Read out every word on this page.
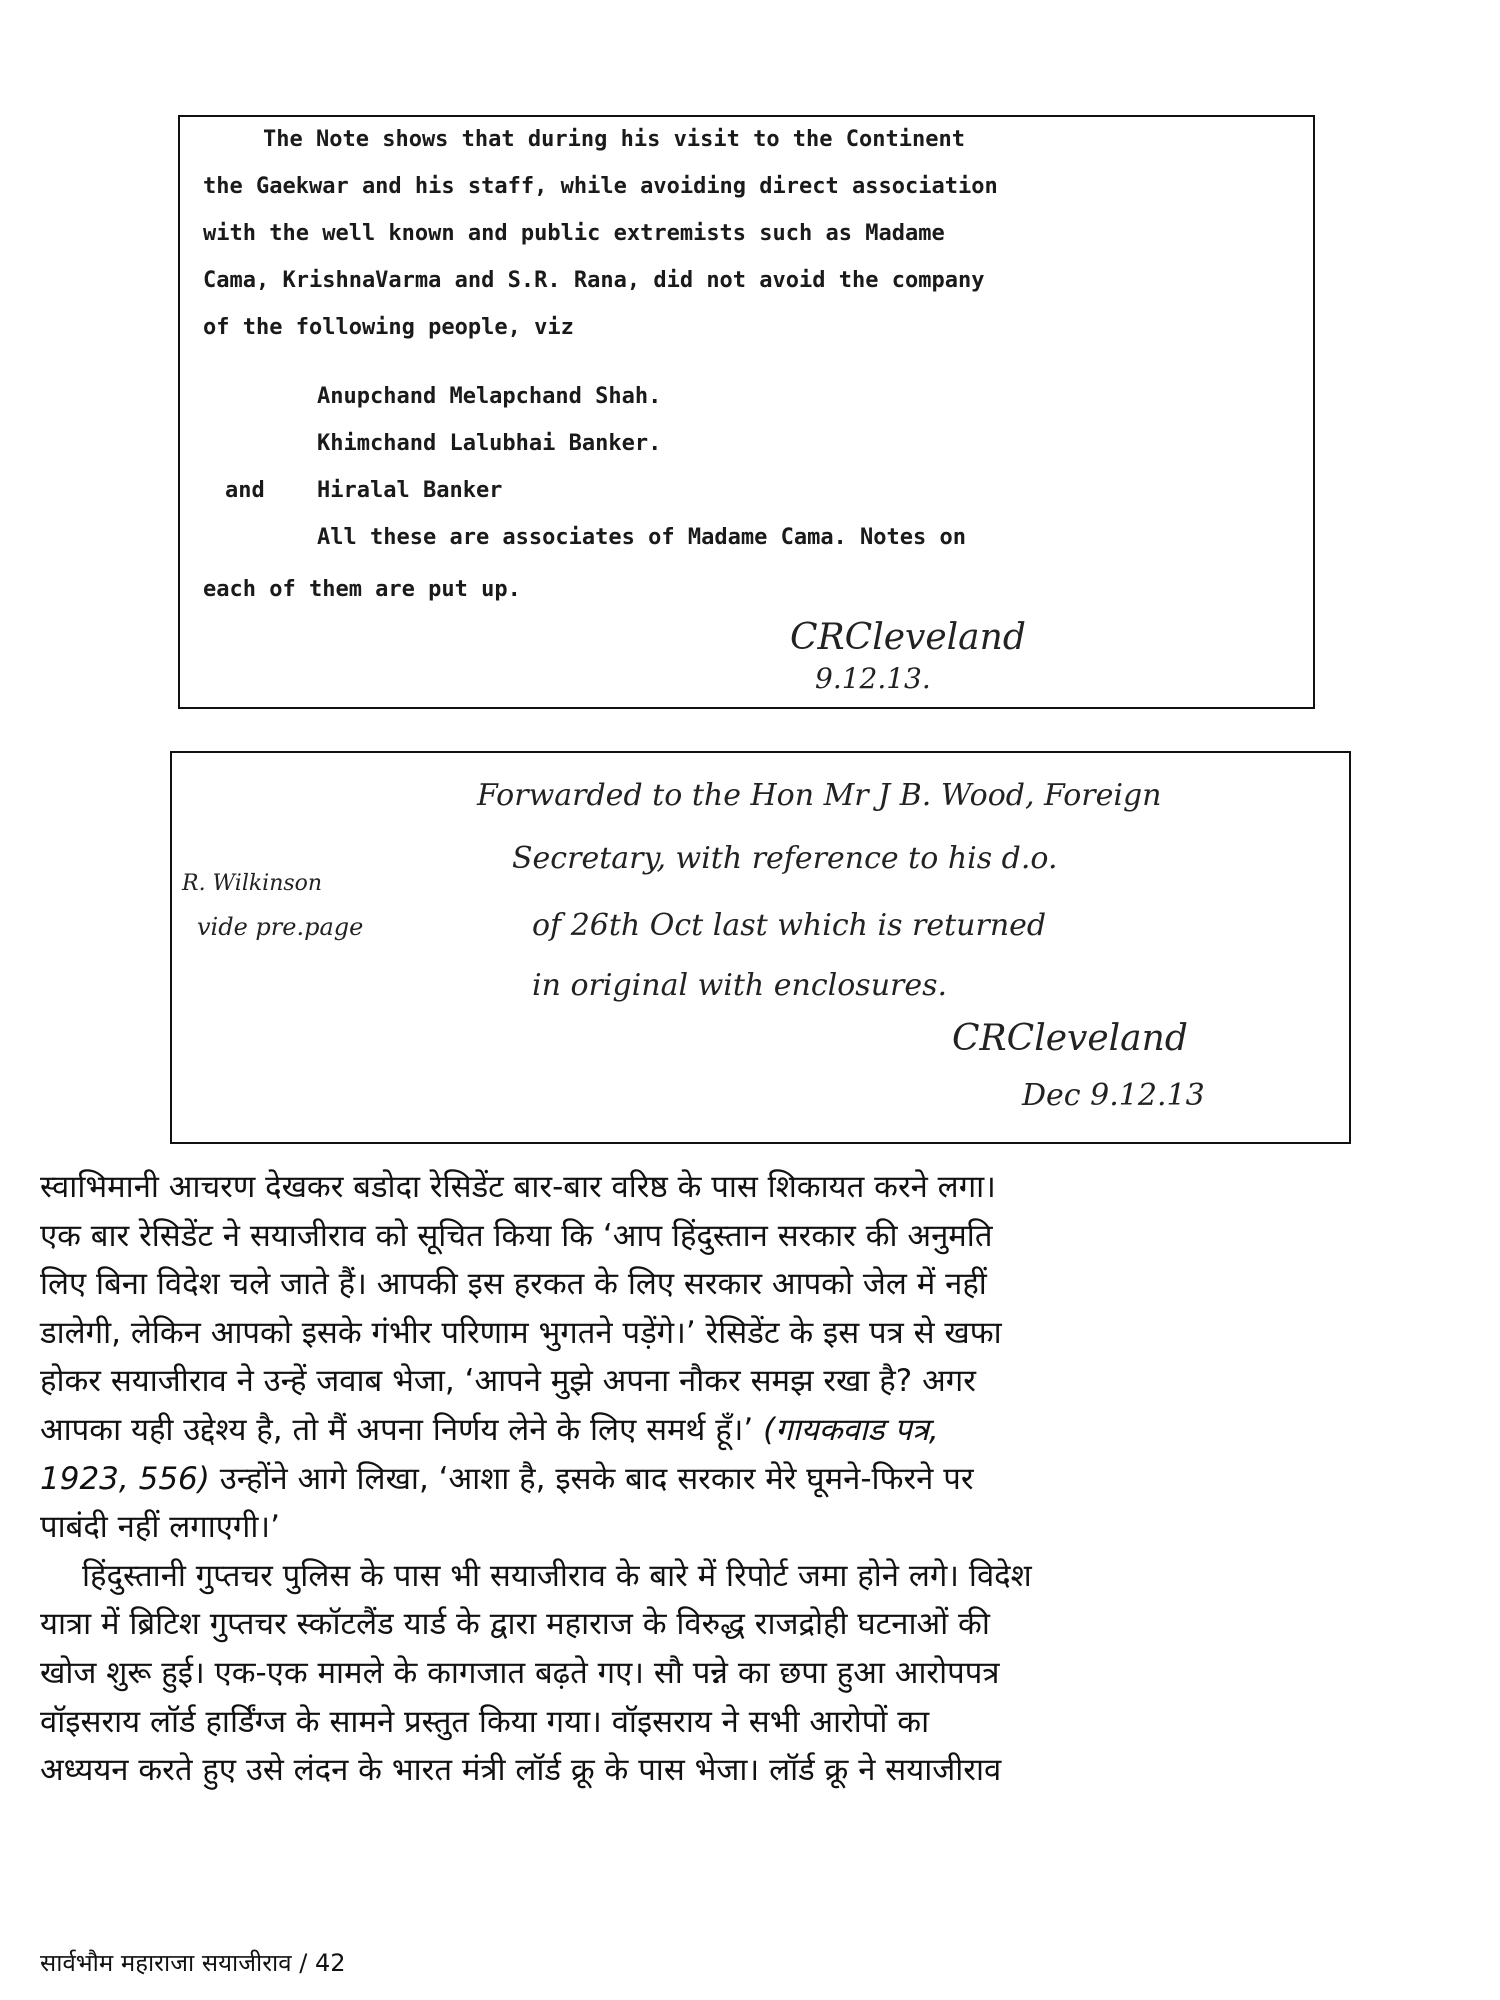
The Note shows that during his visit to the Continent

the Gaekwar and his staff, while avoiding direct association

with the well known and public extremists such as Madame

Cama, KrishnaVarma and S.R. Rana, did not avoid the company

of the following people, viz

Anupchand Melapchand Shah.

Khimchand Lalubhai Banker.

and Hiralal Banker

All these are associates of Madame Cama. Notes on

each of them are put up.

CRCleveland
9.12.13.

Forwarded to the Hon Mr J B. Wood, Foreign

Secretary, with reference to his d.o.

of 26th Oct last which is returned

in original with enclosures.

R. Wilkinson

vide pre.page

CRCleveland
Dec 9.12.13

स्वाभिमानी आचरण देखकर बडोदा रेसिडेंट बार-बार वरिष्ठ के पास शिकायत करने लगा।

एक बार रेसिडेंट ने सयाजीराव को सूचित किया कि ‘आप हिंदुस्तान सरकार की अनुमति

लिए बिना विदेश चले जाते हैं। आपकी इस हरकत के लिए सरकार आपको जेल में नहीं

डालेगी, लेकिन आपको इसके गंभीर परिणाम भुगतने पड़ेंगे।’ रेसिडेंट के इस पत्र से खफा

होकर सयाजीराव ने उन्हें जवाब भेजा, ‘आपने मुझे अपना नौकर समझ रखा है? अगर

आपका यही उद्देश्य है, तो मैं अपना निर्णय लेने के लिए समर्थ हूँ।’ (गायकवाड पत्र,

1923, 556) उन्होंने आगे लिखा, ‘आशा है, इसके बाद सरकार मेरे घूमने-फिरने पर

पाबंदी नहीं लगाएगी।’

हिंदुस्तानी गुप्तचर पुलिस के पास भी सयाजीराव के बारे में रिपोर्ट जमा होने लगे। विदेश

यात्रा में ब्रिटिश गुप्तचर स्कॉटलैंड यार्ड के द्वारा महाराज के विरुद्ध राजद्रोही घटनाओं की

खोज शुरू हुई। एक-एक मामले के कागजात बढ़ते गए। सौ पन्ने का छपा हुआ आरोपपत्र

वॉइसराय लॉर्ड हार्डिंग्ज के सामने प्रस्तुत किया गया। वॉइसराय ने सभी आरोपों का

अध्ययन करते हुए उसे लंदन के भारत मंत्री लॉर्ड क्रू के पास भेजा। लॉर्ड क्रू ने सयाजीराव

सार्वभौम महाराजा सयाजीराव / 42
